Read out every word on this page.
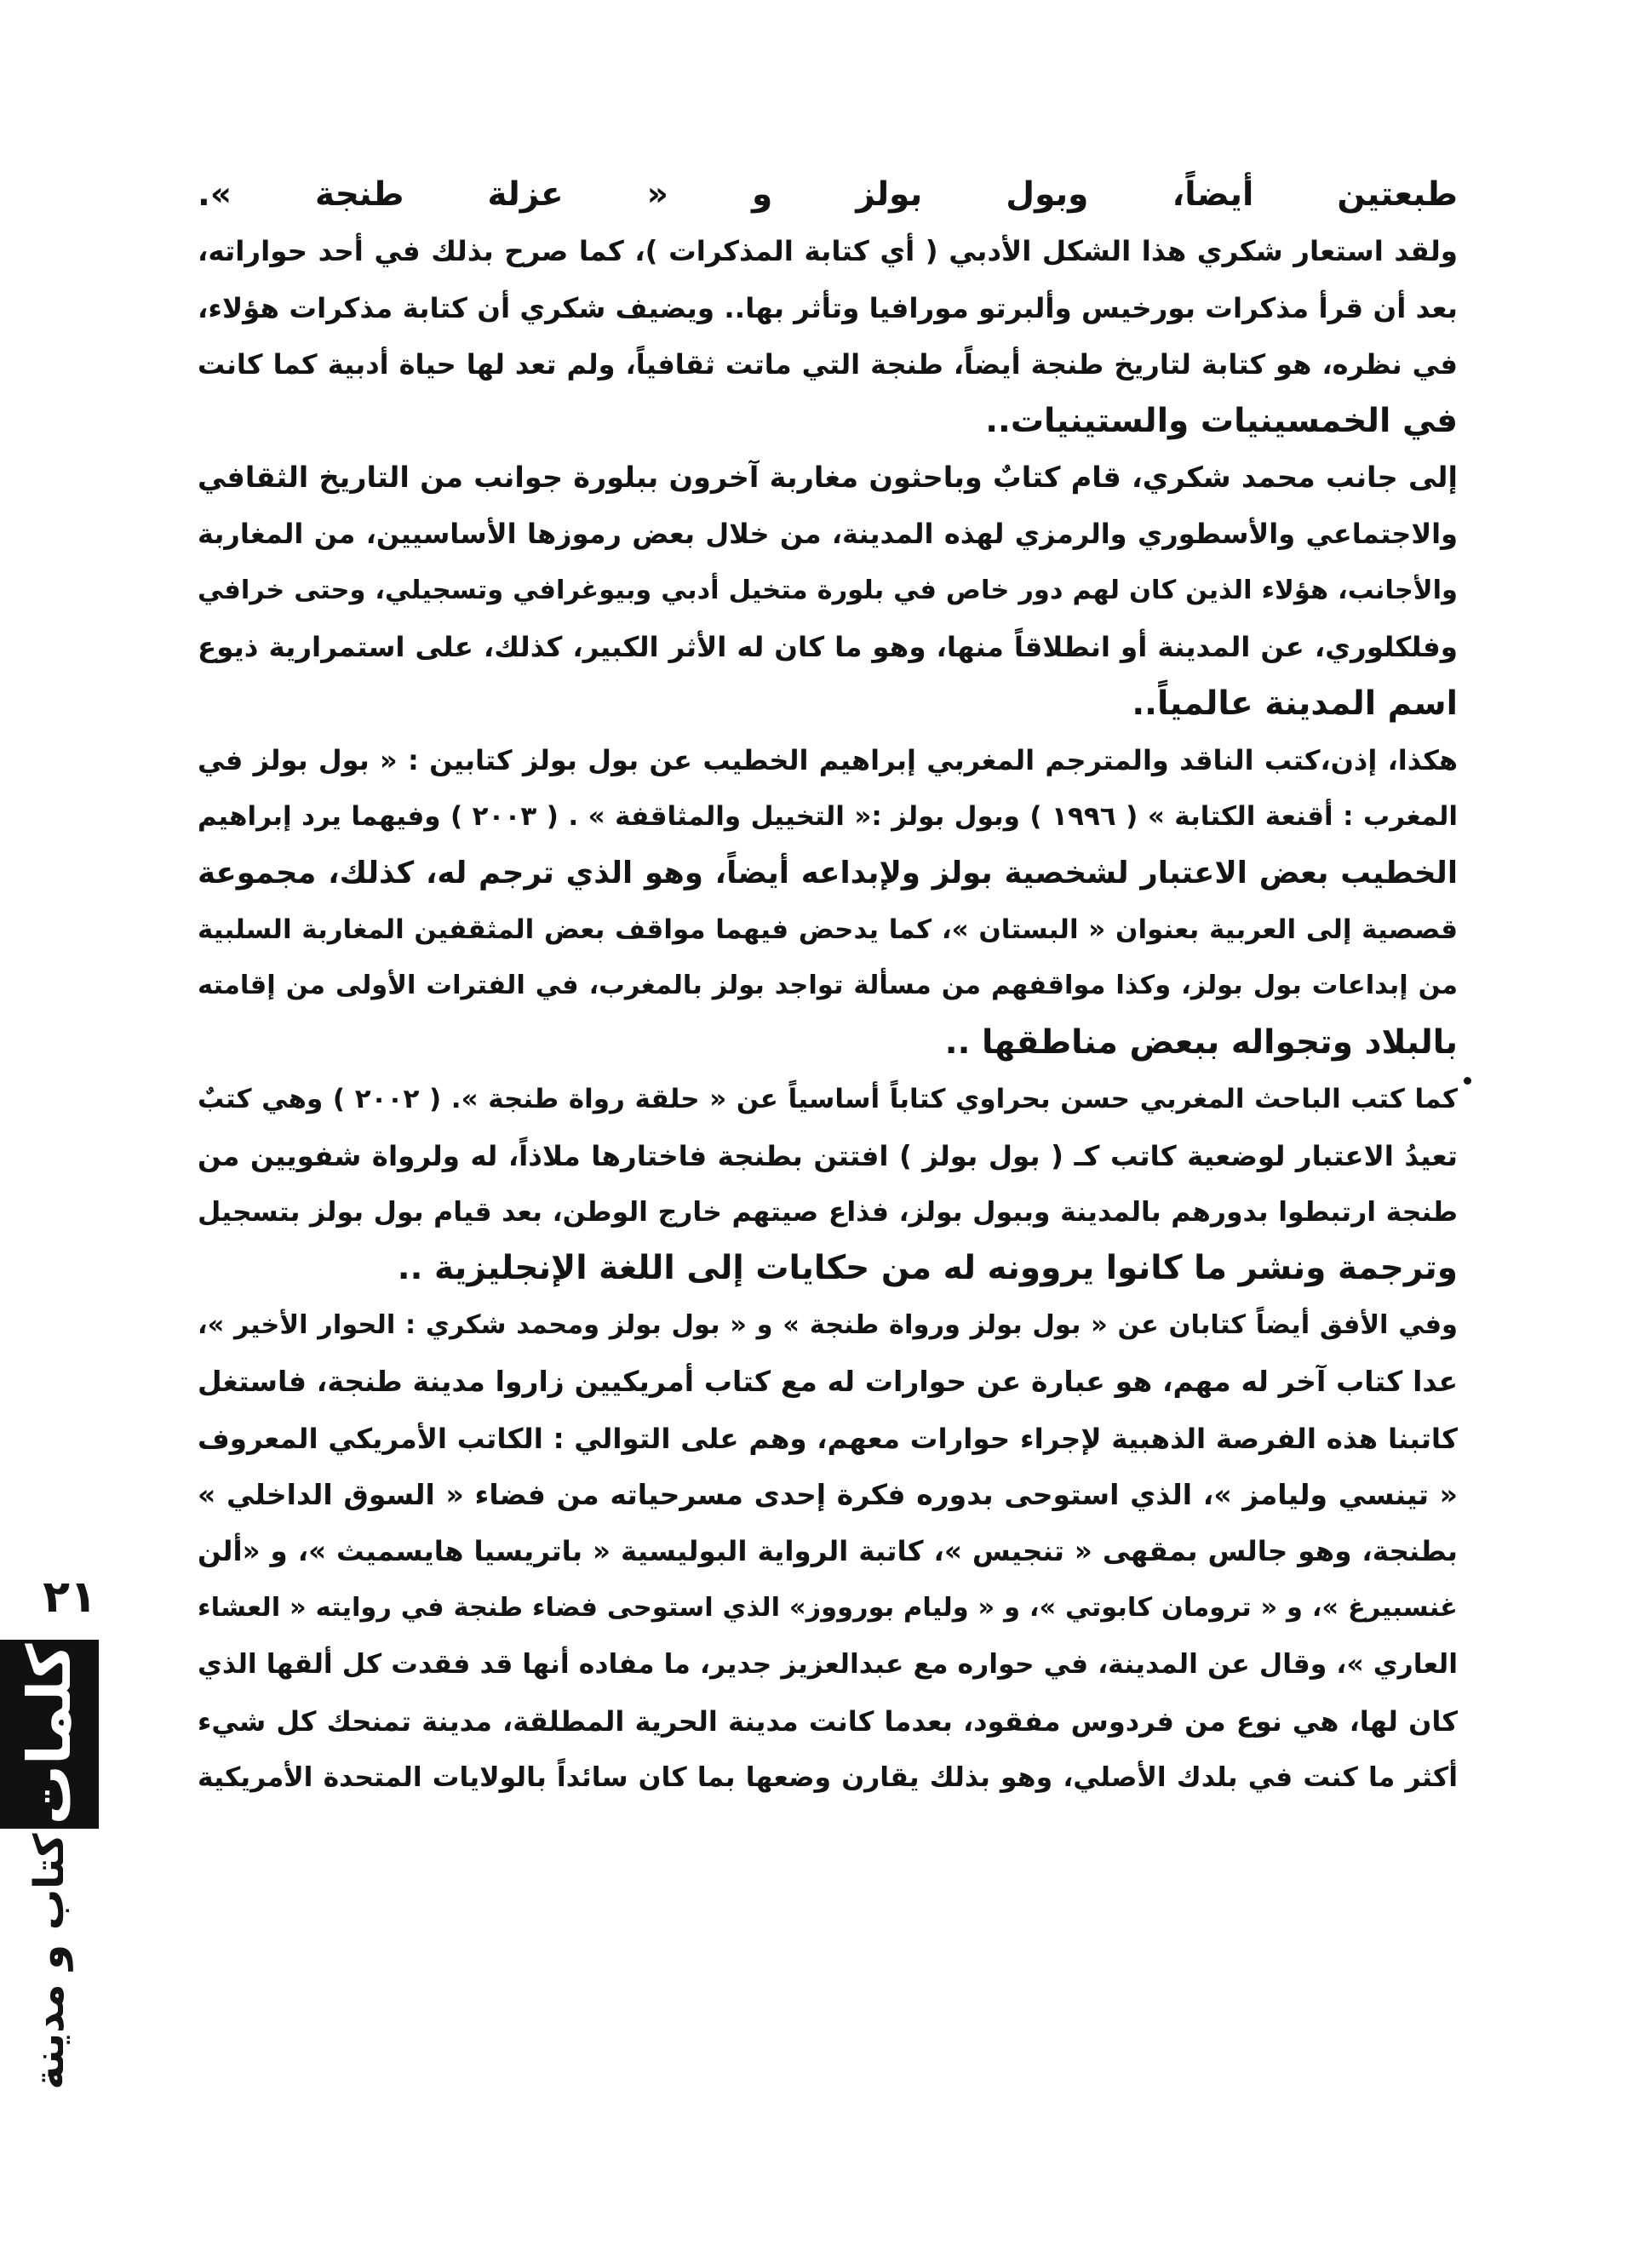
طبعتين أيضاً، وبول بولز و « عزلة طنجة ».
ولقد استعار شكري هذا الشكل الأدبي ( أي كتابة المذكرات )، كما صرح بذلك في أحد حواراته،
بعد أن قرأ مذكرات بورخيس وألبرتو مورافيا وتأثر بها.. ويضيف شكري أن كتابة مذكرات هؤلاء،
في نظره، هو كتابة لتاريخ طنجة أيضاً، طنجة التي ماتت ثقافياً، ولم تعد لها حياة أدبية كما كانت
في الخمسينيات والستينيات..
إلى جانب محمد شكري، قام كتابٌ وباحثون مغاربة آخرون ببلورة جوانب من التاريخ الثقافي
والاجتماعي والأسطوري والرمزي لهذه المدينة، من خلال بعض رموزها الأساسيين، من المغاربة
والأجانب، هؤلاء الذين كان لهم دور خاص في بلورة متخيل أدبي وبيوغرافي وتسجيلي، وحتى خرافي
وفلكلوري، عن المدينة أو انطلاقاً منها، وهو ما كان له الأثر الكبير، كذلك، على استمرارية ذيوع
اسم المدينة عالمياً..
هكذا، إذن،كتب الناقد والمترجم المغربي إبراهيم الخطيب عن بول بولز كتابين : « بول بولز في
المغرب : أقنعة الكتابة » ( ١٩٩٦ ) وبول بولز :« التخييل والمثاقفة » . ( ٢٠٠٣ ) وفيهما يرد إبراهيم
الخطيب بعض الاعتبار لشخصية بولز ولإبداعه أيضاً، وهو الذي ترجم له، كذلك، مجموعة
قصصية إلى العربية بعنوان « البستان »، كما يدحض فيهما مواقف بعض المثقفين المغاربة السلبية
من إبداعات بول بولز، وكذا مواقفهم من مسألة تواجد بولز بالمغرب، في الفترات الأولى من إقامته
بالبلاد وتجواله ببعض مناطقها ..
كما كتب الباحث المغربي حسن بحراوي كتاباً أساسياً عن « حلقة رواة طنجة ». ( ٢٠٠٢ ) وهي كتبٌ
تعيدُ الاعتبار لوضعية كاتب كـ ( بول بولز ) افتتن بطنجة فاختارها ملاذاً، له ولرواة شفويين من
طنجة ارتبطوا بدورهم بالمدينة وببول بولز، فذاع صيتهم خارج الوطن، بعد قيام بول بولز بتسجيل
وترجمة ونشر ما كانوا يروونه له من حكايات إلى اللغة الإنجليزية ..
وفي الأفق أيضاً كتابان عن « بول بولز ورواة طنجة » و « بول بولز ومحمد شكري : الحوار الأخير »،
عدا كتاب آخر له مهم، هو عبارة عن حوارات له مع كتاب أمريكيين زاروا مدينة طنجة، فاستغل
كاتبنا هذه الفرصة الذهبية لإجراء حوارات معهم، وهم على التوالي : الكاتب الأمريكي المعروف
« تينسي وليامز »، الذي استوحى بدوره فكرة إحدى مسرحياته من فضاء « السوق الداخلي »
بطنجة، وهو جالس بمقهى « تنجيس »، كاتبة الرواية البوليسية « باتريسيا هايسميث »، و «ألن
غنسبيرغ »، و « ترومان كابوتي »، و « وليام بورووز» الذي استوحى فضاء طنجة في روايته « العشاء
العاري »، وقال عن المدينة، في حواره مع عبدالعزيز جدير، ما مفاده أنها قد فقدت كل ألقها الذي
كان لها، هي نوع من فردوس مفقود، بعدما كانت مدينة الحرية المطلقة، مدينة تمنحك كل شيء
أكثر ما كنت في بلدك الأصلي، وهو بذلك يقارن وضعها بما كان سائداً بالولايات المتحدة الأمريكية
٢١
كلمات
كتاب و مدينة
